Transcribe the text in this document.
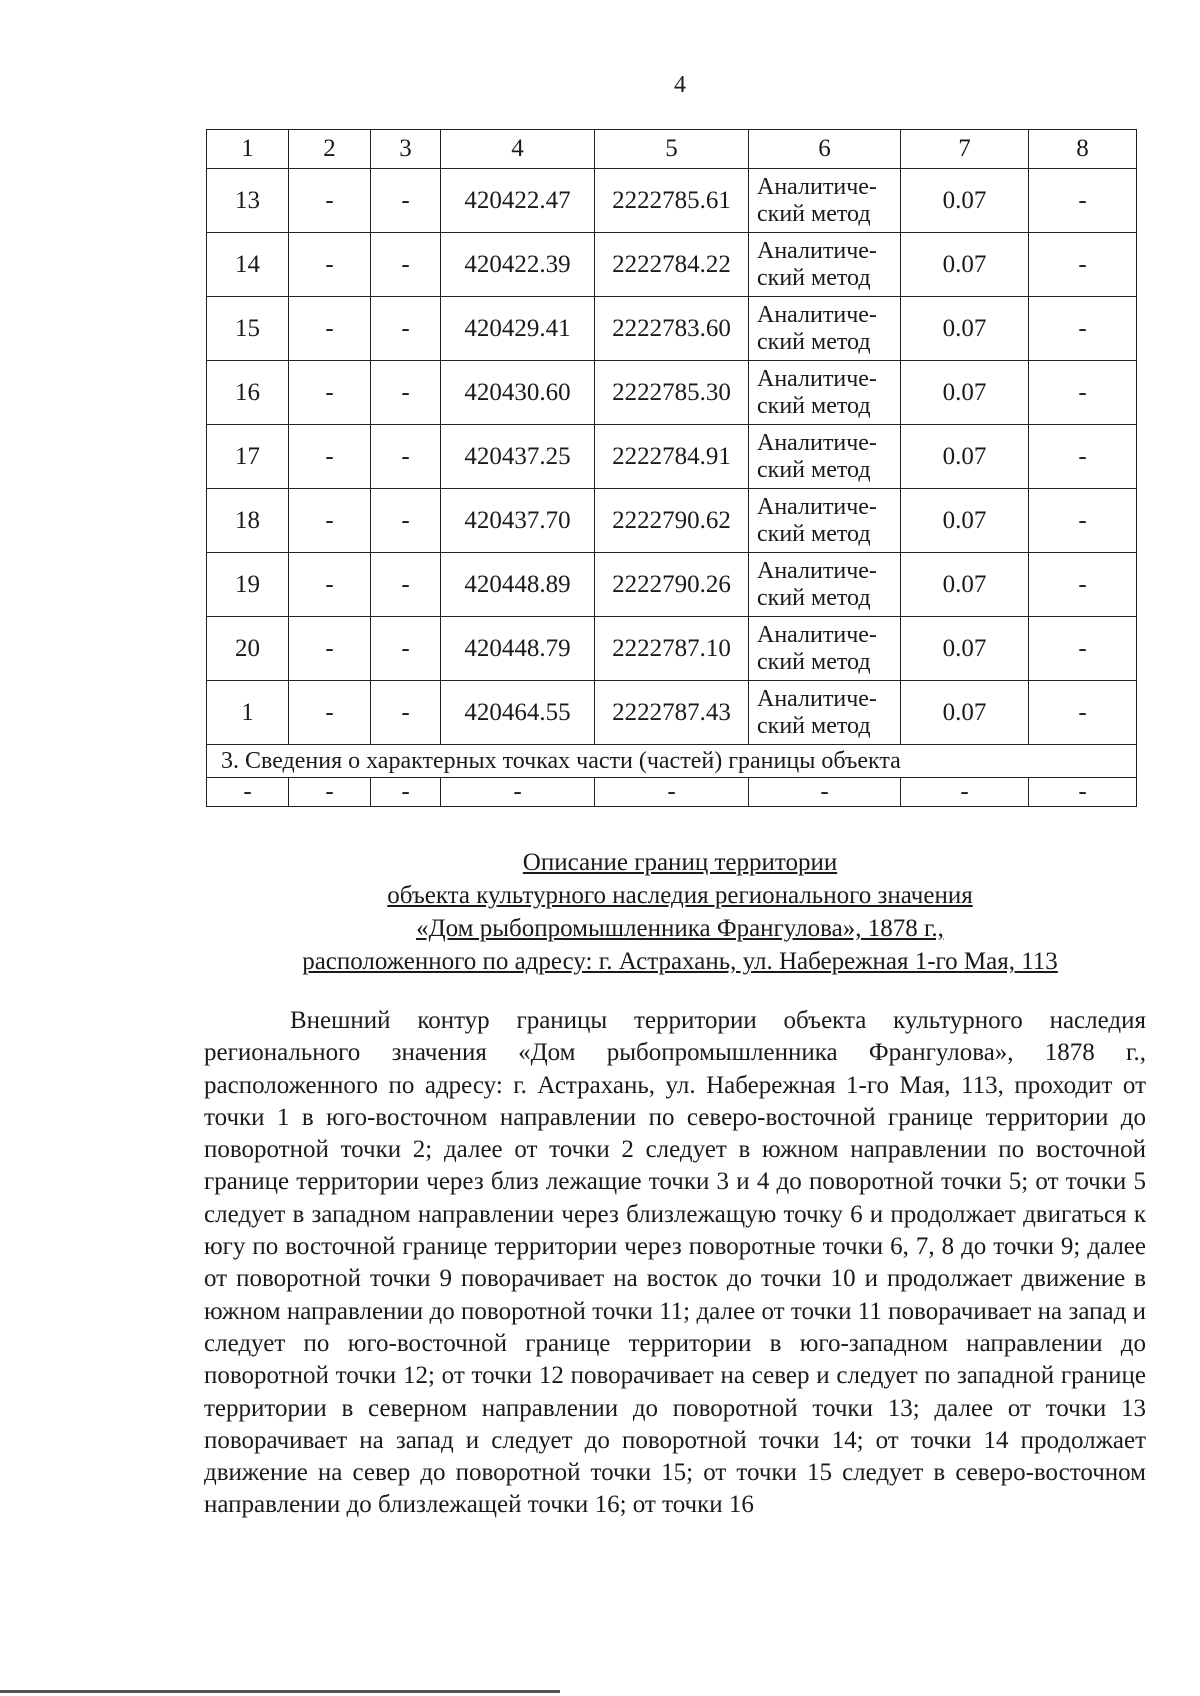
4
1	2	3	4	5	6	7	8
13	-	-	420422.47	2222785.61	Аналитиче-ский метод	0.07	-
14	-	-	420422.39	2222784.22	Аналитиче-ский метод	0.07	-
15	-	-	420429.41	2222783.60	Аналитиче-ский метод	0.07	-
16	-	-	420430.60	2222785.30	Аналитиче-ский метод	0.07	-
17	-	-	420437.25	2222784.91	Аналитиче-ский метод	0.07	-
18	-	-	420437.70	2222790.62	Аналитиче-ский метод	0.07	-
19	-	-	420448.89	2222790.26	Аналитиче-ский метод	0.07	-
20	-	-	420448.79	2222787.10	Аналитиче-ский метод	0.07	-
1	-	-	420464.55	2222787.43	Аналитиче-ский метод	0.07	-
3. Сведения о характерных точках части (частей) границы объекта							
-	-	-	-	-	-	-	-
Описание границ территории
объекта культурного наследия регионального значения
«Дом рыбопромышленника Франгулова», 1878 г.,
расположенного по адресу: г. Астрахань, ул. Набережная 1-го Мая, 113

Внешний контур границы территории объекта культурного наследия регионального значения «Дом рыбопромышленника Франгулова», 1878 г., расположенного по адресу: г. Астрахань, ул. Набережная 1-го Мая, 113, проходит от точки 1 в юго-восточном направлении по северо-восточной границе территории до поворотной точки 2; далее от точки 2 следует в южном направлении по восточной границе территории через близ лежащие точки 3 и 4 до поворотной точки 5; от точки 5 следует в западном направлении через близлежащую точку 6 и продолжает двигаться к югу по восточной границе территории через поворотные точки 6, 7, 8 до точки 9; далее от поворотной точки 9 поворачивает на восток до точки 10 и продолжает движение в южном направлении до поворотной точки 11; далее от точки 11 поворачивает на запад и следует по юго-восточной границе территории в юго-западном направлении до поворотной точки 12; от точки 12 поворачивает на север и следует по западной границе территории в северном направлении до поворотной точки 13; далее от точки 13 поворачивает на запад и следует до поворотной точки 14; от точки 14 продолжает движение на север до поворотной точки 15; от точки 15 следует в северо-восточном направлении до близлежащей точки 16; от точки 16
